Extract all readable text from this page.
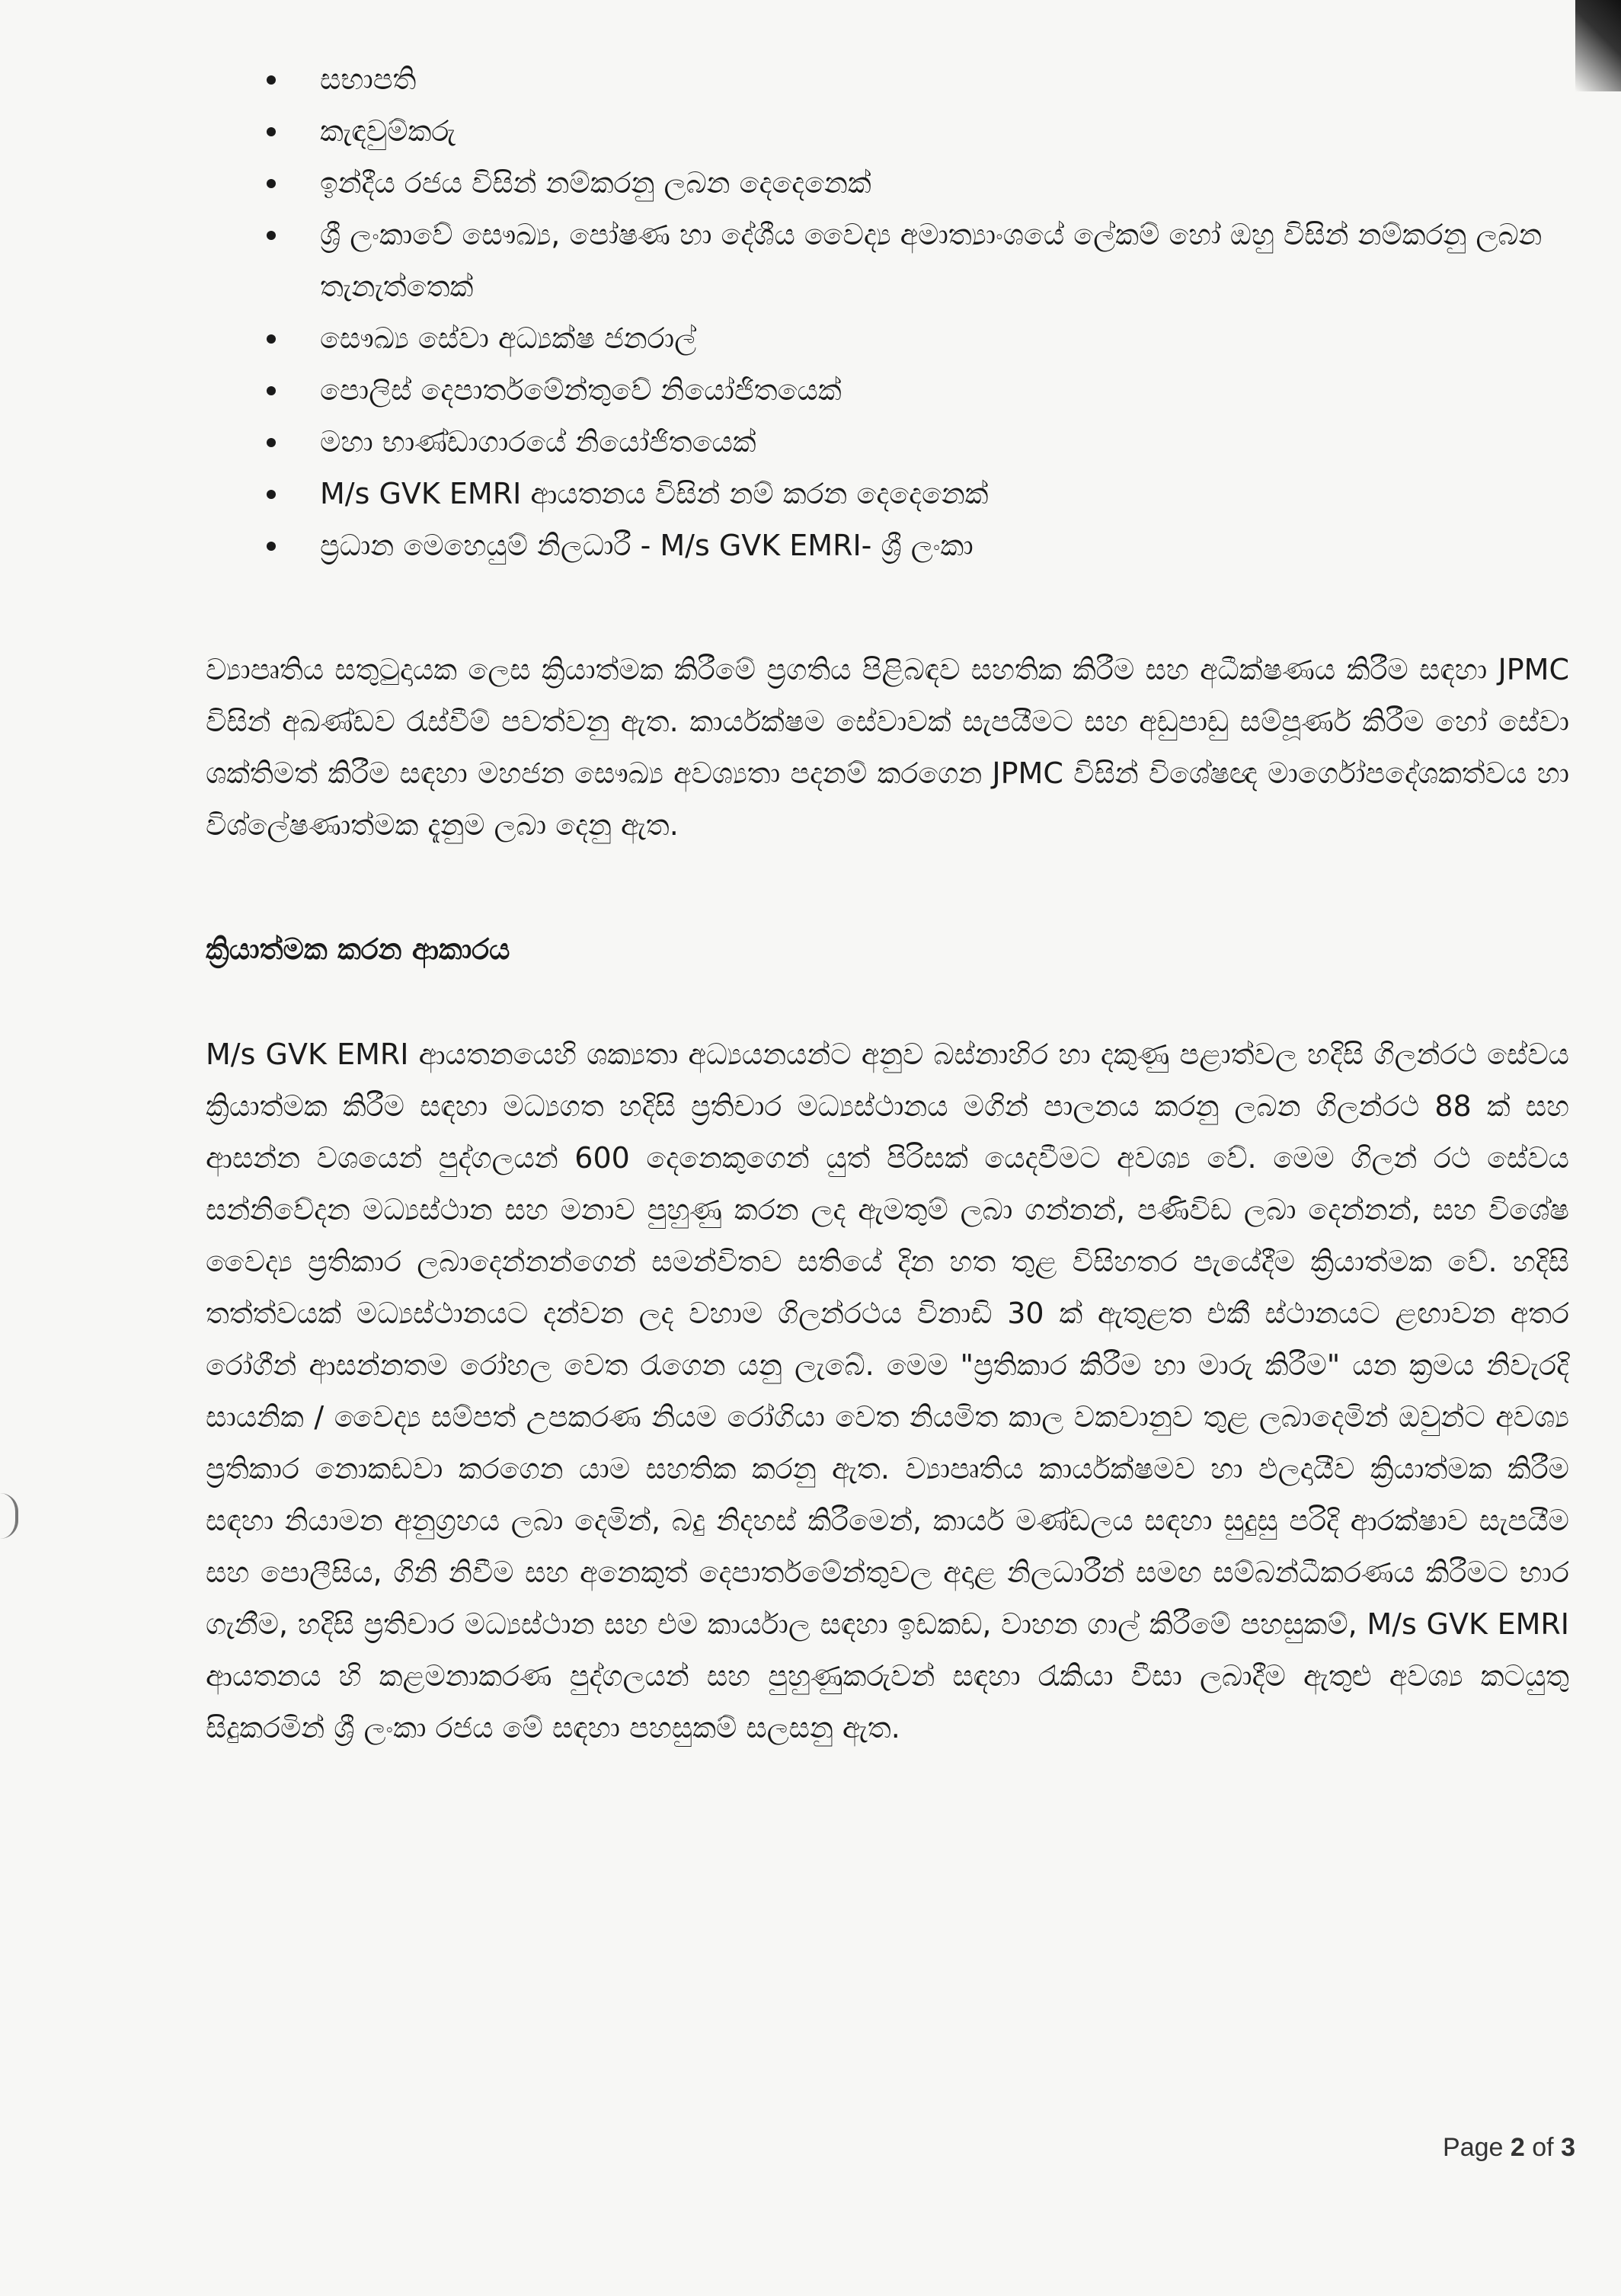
සභාපති
කැඳවුම්කරු
ඉන්දීය රජය විසින් නම්කරනු ලබන දෙදෙනෙක්
ශ්‍රී ලංකාවේ සෞඛ්‍ය, පෝෂණ හා දේශීය වෛද්‍ය අමාත්‍යාංශයේ ලේකම් හෝ ඔහු විසින් නම්කරනු ලබන තැනැත්තෙක්
සෞඛ්‍ය සේවා අධ්‍යක්ෂ ජනරාල්
පොලිස් දෙපාර්තමේන්තුවේ නියෝජිතයෙක්
මහා භාණ්ඩාගාරයේ නියෝජිතයෙක්
M/s GVK EMRI ආයතනය විසින් නම් කරන දෙදෙනෙක්
ප්‍රධාන මෙහෙයුම් නිලධාරී - M/s GVK EMRI- ශ්‍රී ලංකා

ව්‍යාපෘතිය සතුටුදායක ලෙස ක්‍රියාත්මක කිරීමේ ප්‍රගතිය පිළිබඳව සහතික කිරීම සහ අධීක්ෂණය කිරීම සඳහා JPMC විසින් අඛණ්ඩව රැස්වීම් පවත්වනු ඇත. කාර්යක්ෂම සේවාවක් සැපයීමට සහ අඩුපාඩු සම්පූර්ණ කිරීම හෝ සේවා ශක්තිමත් කිරීම සඳහා මහජන සෞඛ්‍ය අවශ්‍යතා පදනම් කරගෙන JPMC විසින් විශේෂඥ මාර්ගෝපදේශකත්වය හා විශ්ලේෂණාත්මක දැනුම ලබා දෙනු ඇත.

ක්‍රියාත්මක කරන ආකාරය

M/s GVK EMRI ආයතනයෙහි ශක්‍යතා අධ්‍යයනයන්ට අනුව බස්නාහිර හා දකුණු පළාත්වල හදිසි ගිලන්රථ සේවය ක්‍රියාත්මක කිරීම සඳහා මධ්‍යගත හදිසි ප්‍රතිචාර මධ්‍යස්ථානය මගින් පාලනය කරනු ලබන ගිලන්රථ 88 ක් සහ ආසන්න වශයෙන් පුද්ගලයන් 600 දෙනෙකුගෙන් යුත් පිරිසක් යෙදවීමට අවශ්‍ය වේ. මෙම ගිලන් රථ සේවය සන්නිවේදන මධ්‍යස්ථාන සහ මනාව පුහුණු කරන ලද ඇමතුම් ලබා ගන්නන්, පණිවිඩ ලබා දෙන්නන්, සහ විශේෂ වෛද්‍ය ප්‍රතිකාර ලබාදෙන්නන්ගෙන් සමන්විතව සතියේ දින හත තුළ විසිහතර පැයේදීම ක්‍රියාත්මක වේ. හදිසි තත්ත්වයක් මධ්‍යස්ථානයට දන්වන ලද වහාම ගිලන්රථය විනාඩි 30 ක් ඇතුළත එකී ස්ථානයට ළඟාවන අතර රෝගීන් ආසන්නතම රෝහල වෙත රැගෙන යනු ලැබේ. මෙම "ප්‍රතිකාර කිරීම හා මාරු කිරීම" යන ක්‍රමය නිවැරදි සායනික / වෛද්‍ය සම්පත් උපකරණ නියම රෝගියා වෙත නියමිත කාල වකවානුව තුළ ලබාදෙමින් ඔවුන්ට අවශ්‍ය ප්‍රතිකාර නොකඩවා කරගෙන යාම සහතික කරනු ඇත. ව්‍යාපෘතිය කාර්යක්ෂමව හා ඵලදායීව ක්‍රියාත්මක කිරීම සඳහා නියාමන අනුග්‍රහය ලබා දෙමින්, බදු නිදහස් කිරීමෙන්, කාර්ය මණ්ඩලය සඳහා සුදුසු පරිදි ආරක්ෂාව සැපයීම සහ පොලීසිය, ගිනි නිවීම සහ අනෙකුත් දෙපාර්තමේන්තුවල අදාළ නිලධාරීන් සමඟ සම්බන්ධීකරණය කිරීමට භාර ගැනීම, හදිසි ප්‍රතිචාර මධ්‍යස්ථාන සහ එම කාර්යාල සඳහා ඉඩකඩ, වාහන ගාල් කිරීමේ පහසුකම්, M/s GVK EMRI ආයතනය හි කළමනාකරණ පුද්ගලයන් සහ පුහුණුකරුවන් සඳහා රැකියා වීසා ලබාදීම ඇතුළු අවශ්‍ය කටයුතු සිදුකරමින් ශ්‍රී ලංකා රජය මේ සඳහා පහසුකම් සලසනු ඇත.

Page 2 of 3
